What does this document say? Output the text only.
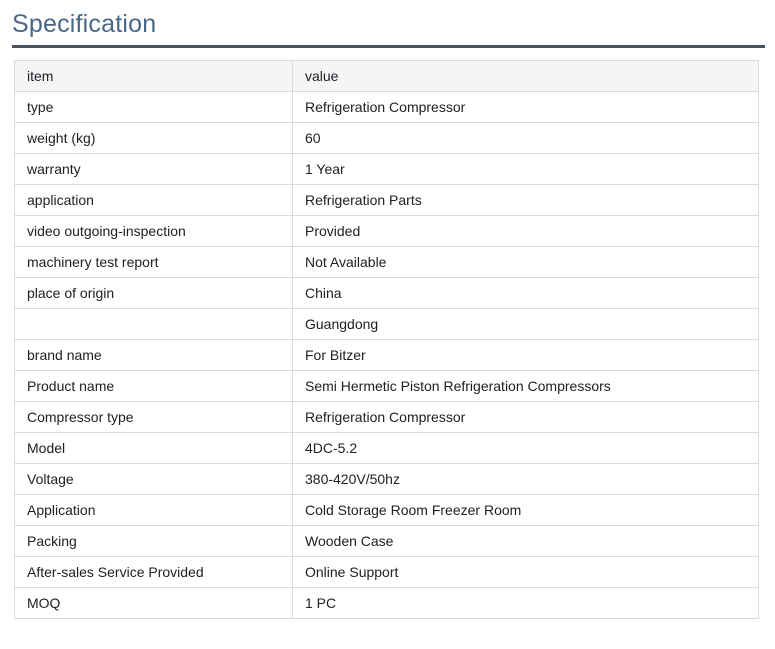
Specification
item	value
type	Refrigeration Compressor
weight (kg)	60
warranty	1 Year
application	Refrigeration Parts
video outgoing-inspection	Provided
machinery test report	Not Available
place of origin	China
	Guangdong
brand name	For Bitzer
Product name	Semi Hermetic Piston Refrigeration Compressors
Compressor type	Refrigeration Compressor
Model	4DC-5.2
Voltage	380-420V/50hz
Application	Cold Storage Room Freezer Room
Packing	Wooden Case
After-sales Service Provided	Online Support
MOQ	1 PC
